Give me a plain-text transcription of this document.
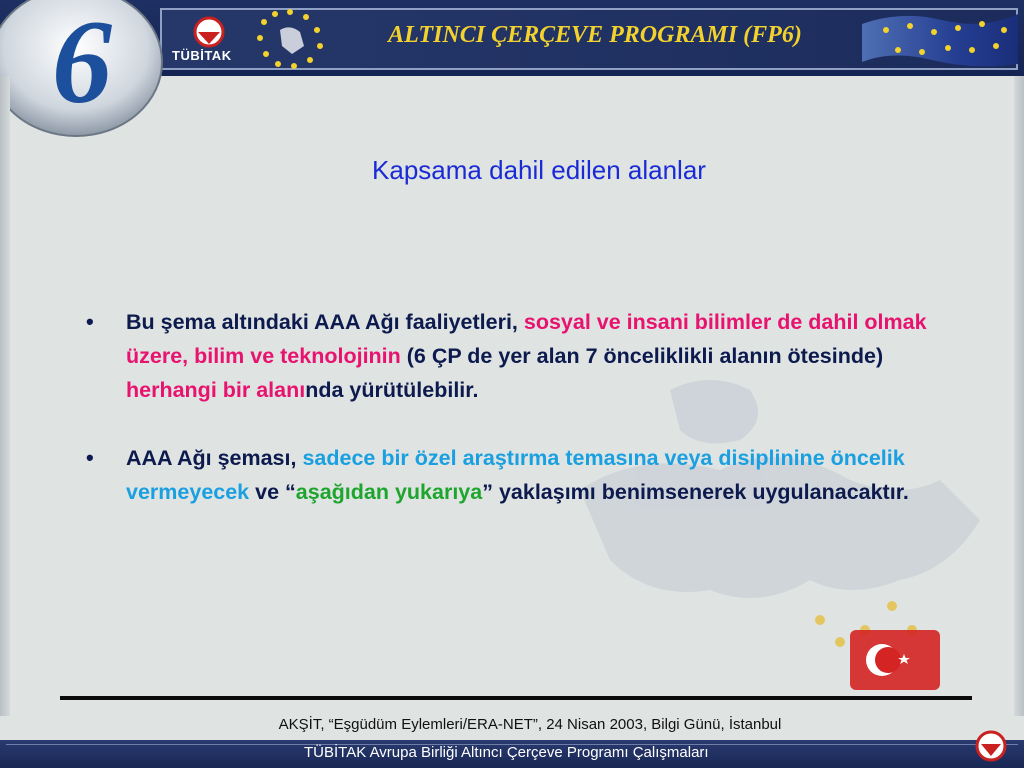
6	TÜBİTAK
ALTINCI ÇERÇEVE PROGRAMI (FP6)
Kapsama dahil edilen alanlar
• Bu şema altındaki AAA Ağı faaliyetleri, sosyal ve insani bilimler de dahil olmak üzere, bilim ve teknolojinin (6 ÇP de yer alan 7 önceliklikli alanın ötesinde) herhangi bir alanında yürütülebilir.
• AAA Ağı şeması, sadece bir özel araştırma temasına veya disiplinine öncelik vermeyecek ve “aşağıdan yukarıya” yaklaşımı benimsenerek uygulanacaktır.
AKŞİT, “Eşgüdüm Eylemleri/ERA-NET”, 24 Nisan 2003, Bilgi Günü, İstanbul
TÜBİTAK Avrupa Birliği Altıncı Çerçeve Programı Çalışmaları
